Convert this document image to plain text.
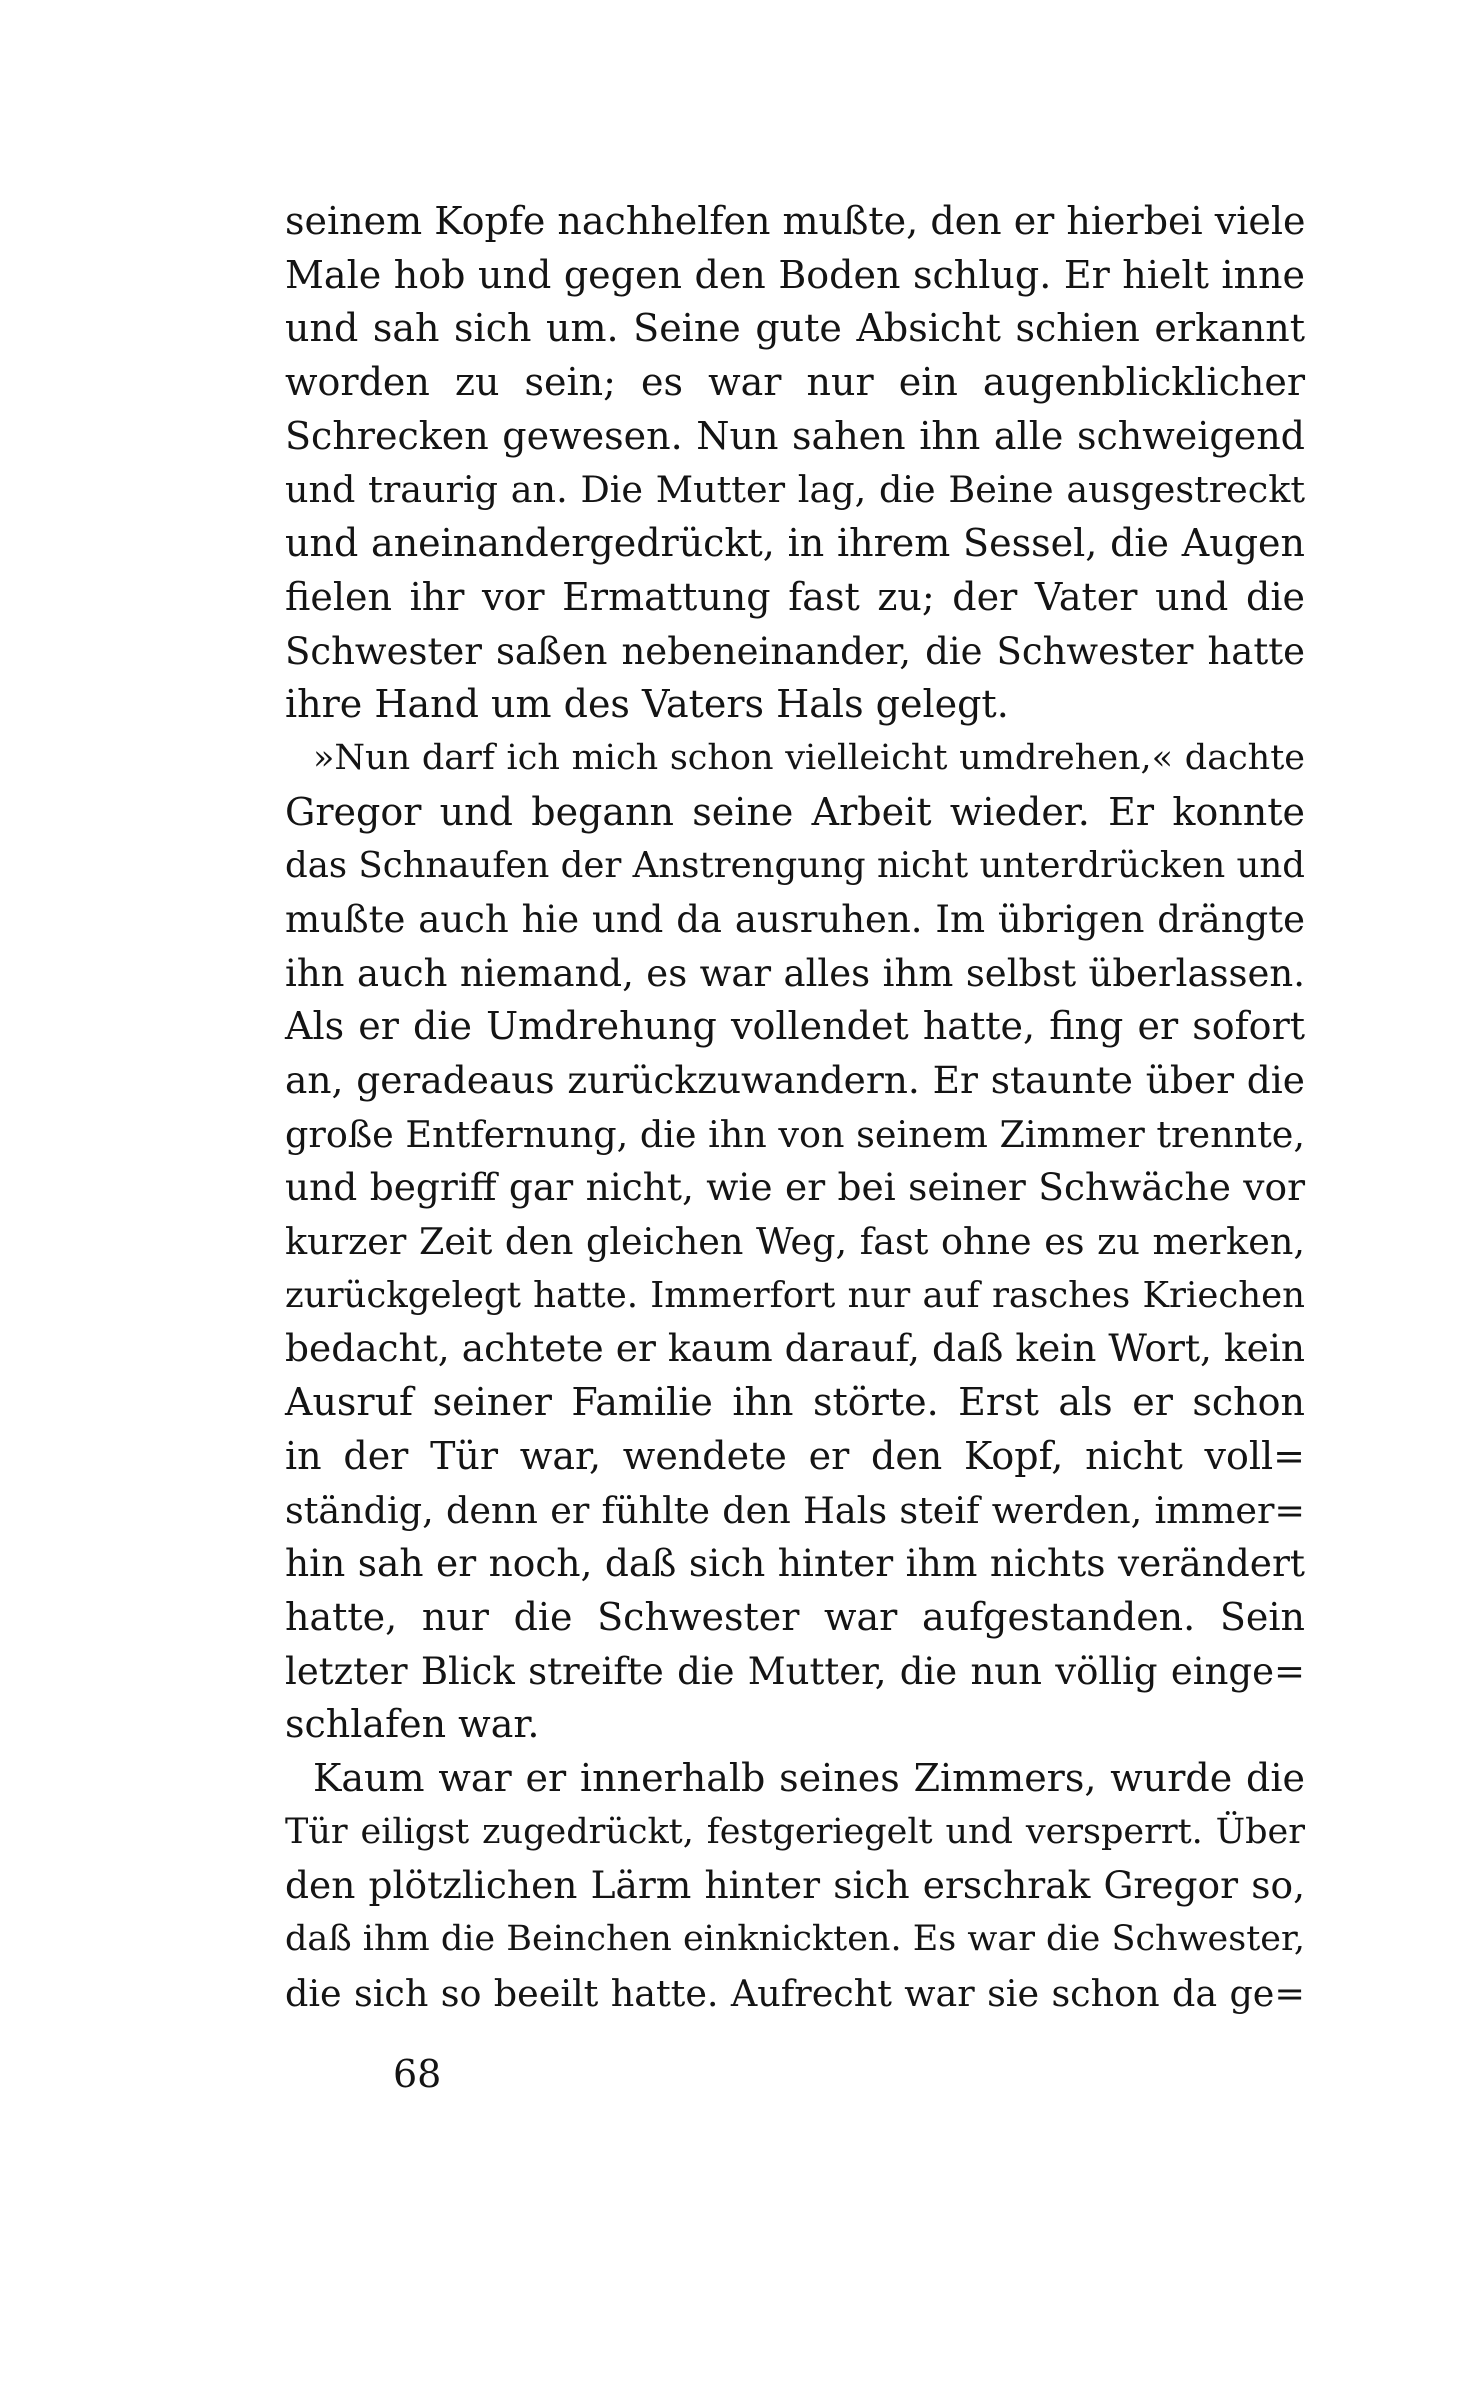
seinem Kopfe nachhelfen mußte, den er hierbei viele
Male hob und gegen den Boden schlug. Er hielt inne
und sah sich um. Seine gute Absicht schien erkannt
worden zu sein; es war nur ein augenblicklicher
Schrecken gewesen. Nun sahen ihn alle schweigend
und traurig an. Die Mutter lag, die Beine ausgestreckt
und aneinandergedrückt, in ihrem Sessel, die Augen
fielen ihr vor Ermattung fast zu; der Vater und die
Schwester saßen nebeneinander, die Schwester hatte
ihre Hand um des Vaters Hals gelegt.
»Nun darf ich mich schon vielleicht umdrehen,« dachte
Gregor und begann seine Arbeit wieder. Er konnte
das Schnaufen der Anstrengung nicht unterdrücken und
mußte auch hie und da ausruhen. Im übrigen drängte
ihn auch niemand, es war alles ihm selbst überlassen.
Als er die Umdrehung vollendet hatte, fing er sofort
an, geradeaus zurückzuwandern. Er staunte über die
große Entfernung, die ihn von seinem Zimmer trennte,
und begriff gar nicht, wie er bei seiner Schwäche vor
kurzer Zeit den gleichen Weg, fast ohne es zu merken,
zurückgelegt hatte. Immerfort nur auf rasches Kriechen
bedacht, achtete er kaum darauf, daß kein Wort, kein
Ausruf seiner Familie ihn störte. Erst als er schon
in der Tür war, wendete er den Kopf, nicht voll=
ständig, denn er fühlte den Hals steif werden, immer=
hin sah er noch, daß sich hinter ihm nichts verändert
hatte, nur die Schwester war aufgestanden. Sein
letzter Blick streifte die Mutter, die nun völlig einge=
schlafen war.
Kaum war er innerhalb seines Zimmers, wurde die
Tür eiligst zugedrückt, festgeriegelt und versperrt. Über
den plötzlichen Lärm hinter sich erschrak Gregor so,
daß ihm die Beinchen einknickten. Es war die Schwester,
die sich so beeilt hatte. Aufrecht war sie schon da ge=
68
